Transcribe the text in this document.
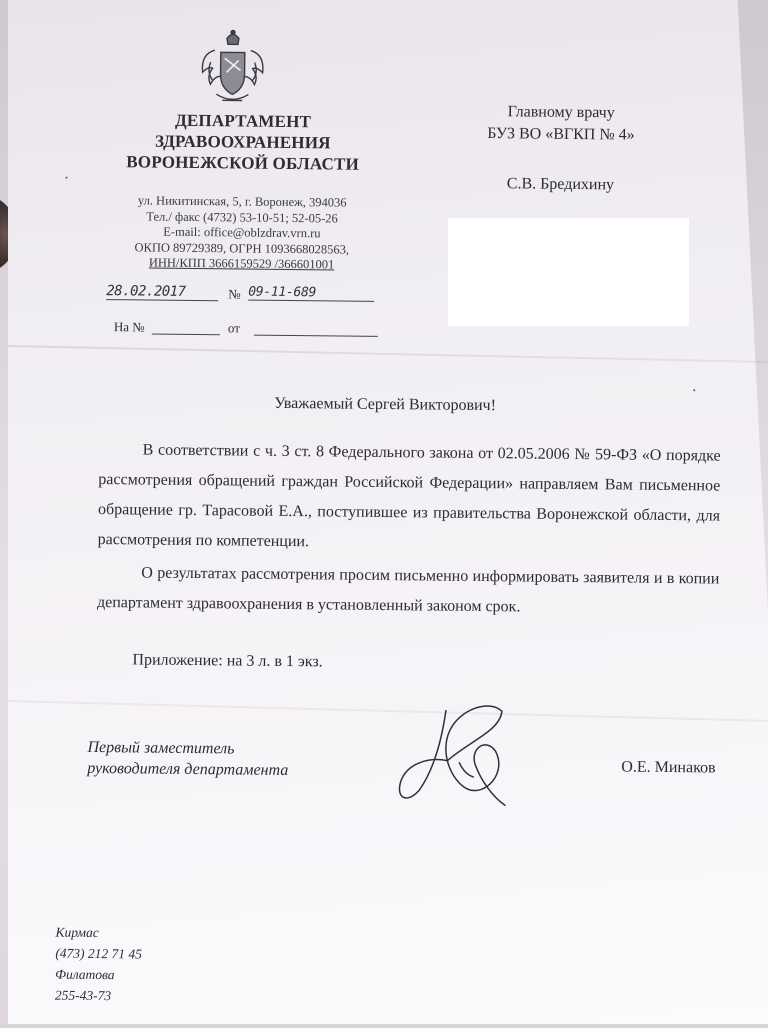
ДЕПАРТАМЕНТ
ЗДРАВООХРАНЕНИЯ
ВОРОНЕЖСКОЙ ОБЛАСТИ
ул. Никитинская, 5, г. Воронеж, 394036
Тел./ факс (4732) 53-10-51; 52-05-26
E-mail: office@oblzdrav.vrn.ru
ОКПО 89729389, ОГРН 1093668028563,
ИНН/КПП 3666159529 /366601001
28.02.2017	№ 09-11-689
На №	от
Главному врачу
БУЗ ВО «ВГКП № 4»
С.В. Бредихину
Уважаемый Сергей Викторович!
В соответствии с ч. 3 ст. 8 Федерального закона от 02.05.2006 № 59-ФЗ «О порядке рассмотрения обращений граждан Российской Федерации» направляем Вам письменное обращение гр. Тарасовой Е.А., поступившее из правительства Воронежской области, для рассмотрения по компетенции.
О результатах рассмотрения просим письменно информировать заявителя и в копии департамент здравоохранения в установленный законом срок.
Приложение: на 3 л. в 1 экз.
Первый заместитель
руководителя департамента	О.Е. Минаков
Кирмас
(473) 212 71 45
Филатова
255-43-73
